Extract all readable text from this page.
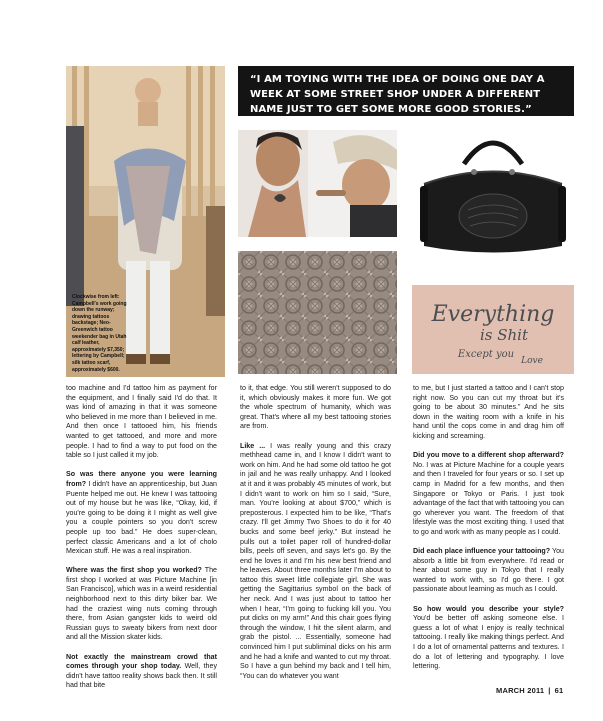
Clockwise from left: Campbell's work going down the runway; drawing tattoos backstage; Neo-Greenwich tattoo weekender bag in Utah calf leather, approximately $7,350; lettering by Campbell; silk tattoo scarf, approximately $600.
“I AM TOYING WITH THE IDEA OF DOING ONE DAY A WEEK AT SOME STREET SHOP UNDER A DIFFERENT NAME JUST TO GET SOME MORE GOOD STORIES.”
Everything
is Shit
Except you
Love

too machine and I'd tattoo him as payment for the equipment, and I finally said I'd do that. It was kind of amazing in that it was someone who believed in me more than I believed in me. And then once I tattooed him, his friends wanted to get tattooed, and more and more people. I had to find a way to put food on the table so I just called it my job.

So was there anyone you were learning from? I didn't have an apprenticeship, but Juan Puente helped me out. He knew I was tattooing out of my house but he was like, “Okay, kid, if you're going to be doing it I might as well give you a couple pointers so you don't screw people up too bad.” He does super-clean, perfect classic Americans and a lot of cholo Mexican stuff. He was a real inspiration.

Where was the first shop you worked? The first shop I worked at was Picture Machine [in San Francisco], which was in a weird residential neighborhood next to this dirty biker bar. We had the craziest wing nuts coming through there, from Asian gangster kids to weird old Russian guys to sweaty bikers from next door and all the Mission skater kids.

Not exactly the mainstream crowd that comes through your shop today. Well, they didn't have tattoo reality shows back then. It still had that bite

to it, that edge. You still weren't supposed to do it, which obviously makes it more fun. We got the whole spectrum of humanity, which was great. That's where all my best tattooing stories are from.

Like ... I was really young and this crazy methhead came in, and I know I didn't want to work on him. And he had some old tattoo he got in jail and he was really unhappy. And I looked at it and it was probably 45 minutes of work, but I didn't want to work on him so I said, “Sure, man. You're looking at about $700,” which is preposterous. I expected him to be like, “That's crazy. I'll get Jimmy Two Shoes to do it for 40 bucks and some beef jerky.” But instead he pulls out a toilet paper roll of hundred-dollar bills, peels off seven, and says let's go. By the end he loves it and I'm his new best friend and he leaves. About three months later I'm about to tattoo this sweet little collegiate girl. She was getting the Sagittarius symbol on the back of her neck. And I was just about to tattoo her when I hear, “I'm going to fucking kill you. You put dicks on my arm!” And this chair goes flying through the window, I hit the silent alarm, and grab the pistol. ... Essentially, someone had convinced him I put subliminal dicks on his arm and he had a knife and wanted to cut my throat. So I have a gun behind my back and I tell him, “You can do whatever you want

to me, but I just started a tattoo and I can't stop right now. So you can cut my throat but it's going to be about 30 minutes.” And he sits down in the waiting room with a knife in his hand until the cops come in and drag him off kicking and screaming.

Did you move to a different shop afterward? No. I was at Picture Machine for a couple years and then I traveled for four years or so. I set up camp in Madrid for a few months, and then Singapore or Tokyo or Paris. I just took advantage of the fact that with tattooing you can go wherever you want. The freedom of that lifestyle was the most exciting thing. I used that to go and work with as many people as I could.

Did each place influence your tattooing? You absorb a little bit from everywhere. I'd read or hear about some guy in Tokyo that I really wanted to work with, so I'd go there. I got passionate about learning as much as I could.

So how would you describe your style? You'd be better off asking someone else. I guess a lot of what I enjoy is really technical tattooing. I really like making things perfect. And I do a lot of ornamental patterns and textures. I do a lot of lettering and typography. I love lettering.

MARCH 2011 | 61
